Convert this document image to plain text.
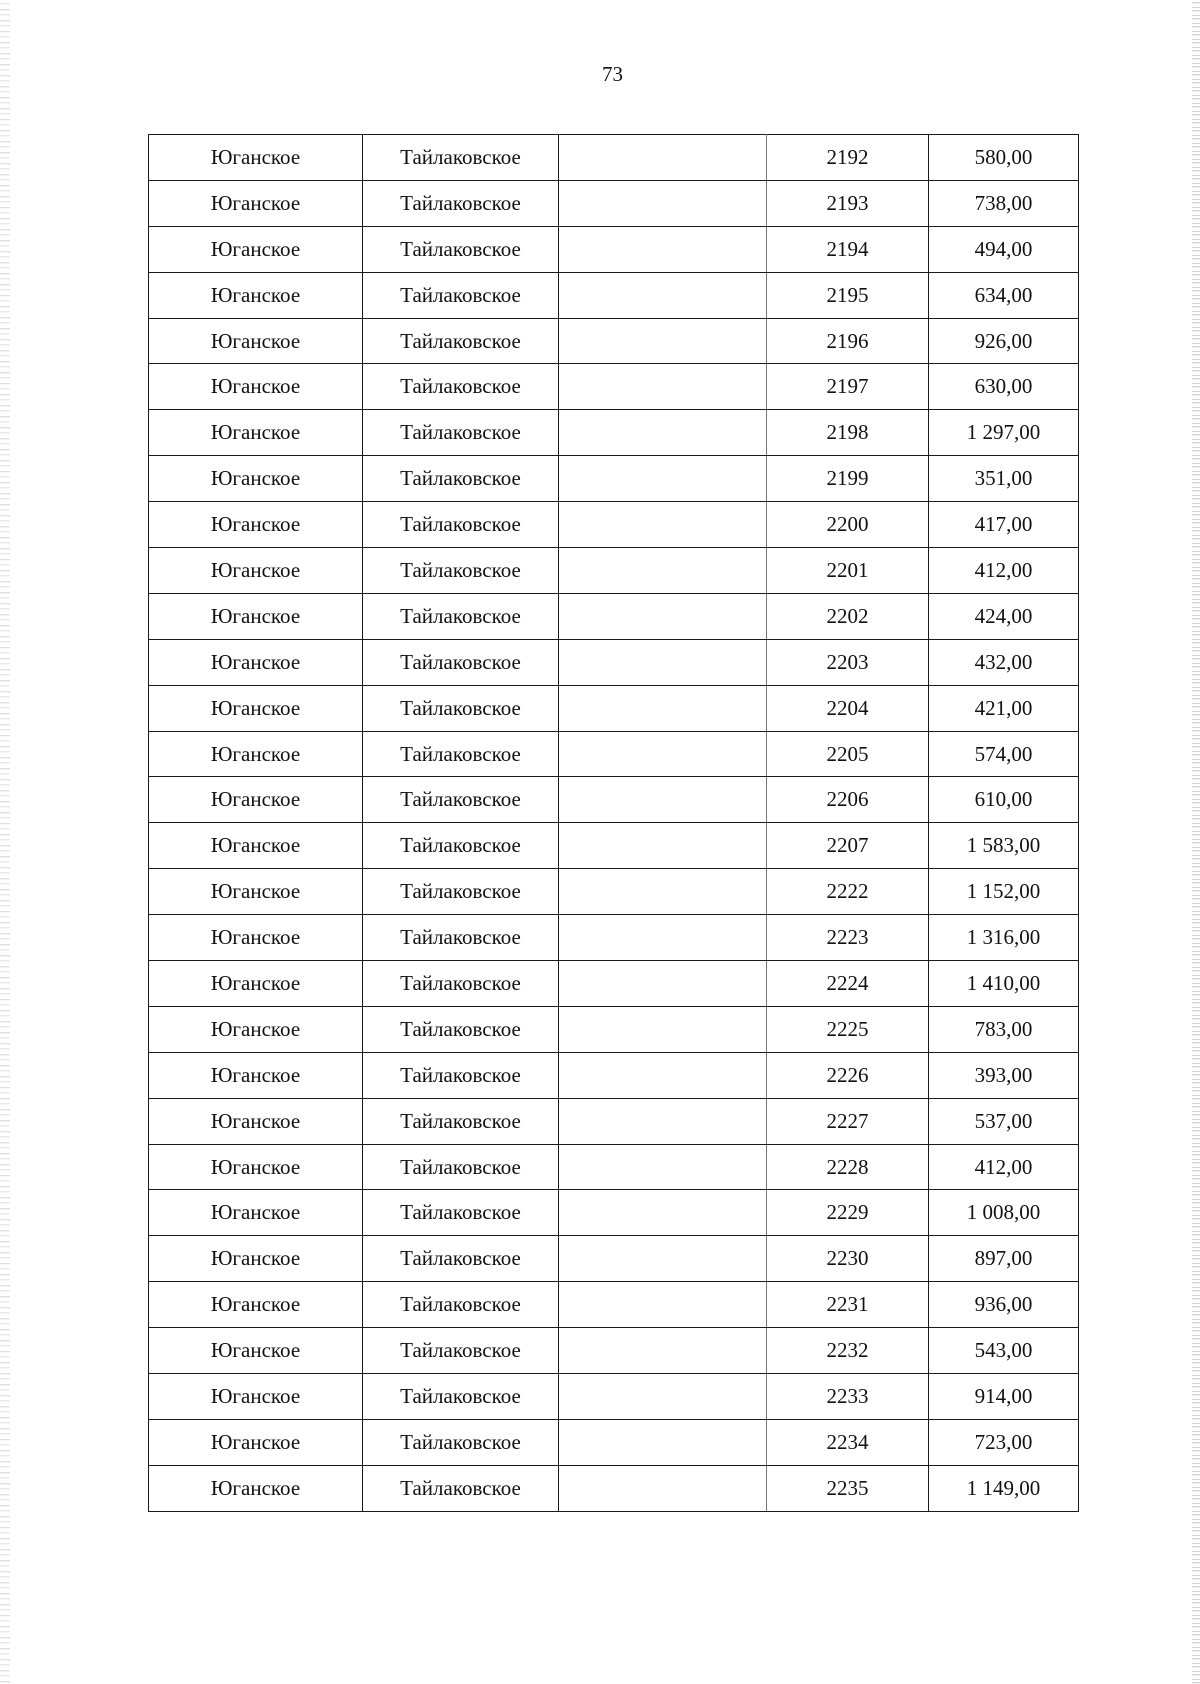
73
Юганское	Тайлаковское		2192	580,00
Юганское	Тайлаковское		2193	738,00
Юганское	Тайлаковское		2194	494,00
Юганское	Тайлаковское		2195	634,00
Юганское	Тайлаковское		2196	926,00
Юганское	Тайлаковское		2197	630,00
Юганское	Тайлаковское		2198	1 297,00
Юганское	Тайлаковское		2199	351,00
Юганское	Тайлаковское		2200	417,00
Юганское	Тайлаковское		2201	412,00
Юганское	Тайлаковское		2202	424,00
Юганское	Тайлаковское		2203	432,00
Юганское	Тайлаковское		2204	421,00
Юганское	Тайлаковское		2205	574,00
Юганское	Тайлаковское		2206	610,00
Юганское	Тайлаковское		2207	1 583,00
Юганское	Тайлаковское		2222	1 152,00
Юганское	Тайлаковское		2223	1 316,00
Юганское	Тайлаковское		2224	1 410,00
Юганское	Тайлаковское		2225	783,00
Юганское	Тайлаковское		2226	393,00
Юганское	Тайлаковское		2227	537,00
Юганское	Тайлаковское		2228	412,00
Юганское	Тайлаковское		2229	1 008,00
Юганское	Тайлаковское		2230	897,00
Юганское	Тайлаковское		2231	936,00
Юганское	Тайлаковское		2232	543,00
Юганское	Тайлаковское		2233	914,00
Юганское	Тайлаковское		2234	723,00
Юганское	Тайлаковское		2235	1 149,00
